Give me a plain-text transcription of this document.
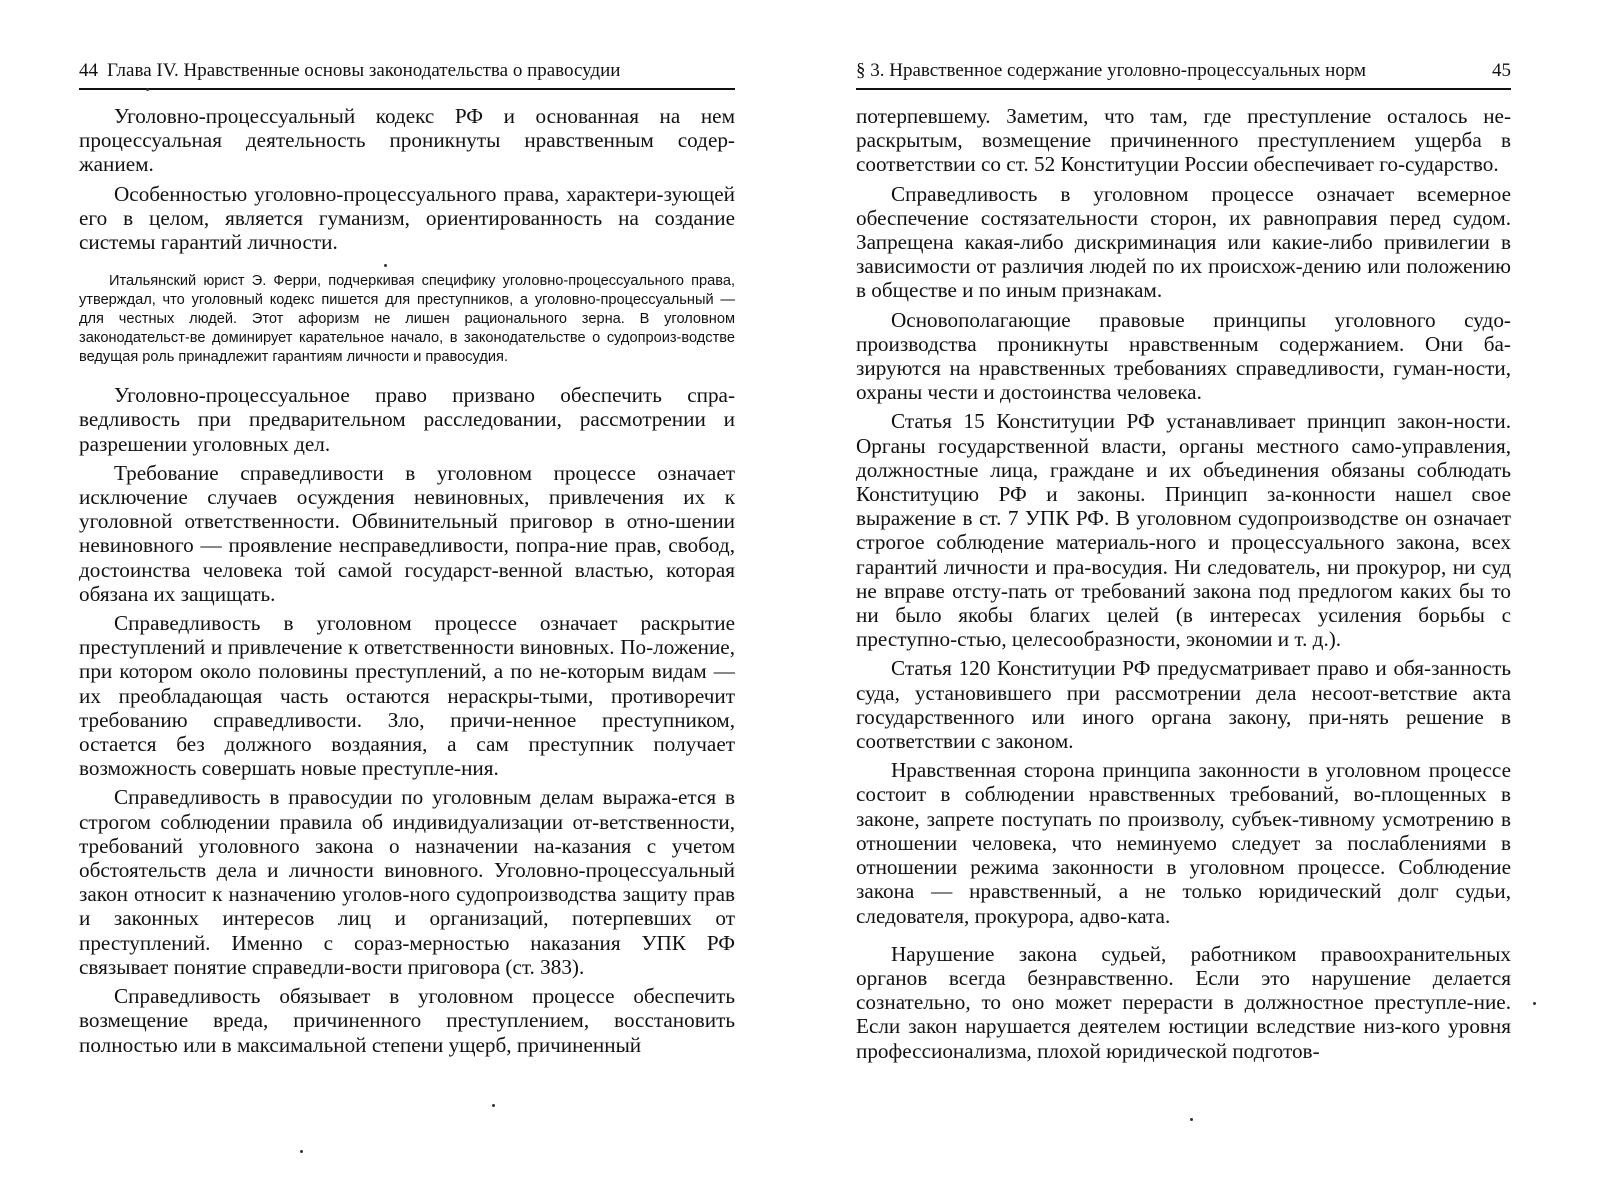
44 Глава IV. Нравственные основы законодательства о правосудии

Уголовно-процессуальный кодекс РФ и основанная на нем процессуальная деятельность проникнуты нравственным содер-жанием.

Особенностью уголовно-процессуального права, характери-зующей его в целом, является гуманизм, ориентированность на создание системы гарантий личности.

Итальянский юрист Э. Ферри, подчеркивая специфику уголовно-процессуального права, утверждал, что уголовный кодекс пишется для преступников, а уголовно-процессуальный — для честных людей. Этот афоризм не лишен рационального зерна. В уголовном законодательст-ве доминирует карательное начало, в законодательстве о судопроиз-водстве ведущая роль принадлежит гарантиям личности и правосудия.

Уголовно-процессуальное право призвано обеспечить спра-ведливость при предварительном расследовании, рассмотрении и разрешении уголовных дел.

Требование справедливости в уголовном процессе означает исключение случаев осуждения невиновных, привлечения их к уголовной ответственности. Обвинительный приговор в отно-шении невиновного — проявление несправедливости, попра-ние прав, свобод, достоинства человека той самой государст-венной властью, которая обязана их защищать.

Справедливость в уголовном процессе означает раскрытие преступлений и привлечение к ответственности виновных. По-ложение, при котором около половины преступлений, а по не-которым видам — их преобладающая часть остаются нераскры-тыми, противоречит требованию справедливости. Зло, причи-ненное преступником, остается без должного воздаяния, а сам преступник получает возможность совершать новые преступле-ния.

Справедливость в правосудии по уголовным делам выража-ется в строгом соблюдении правила об индивидуализации от-ветственности, требований уголовного закона о назначении на-казания с учетом обстоятельств дела и личности виновного. Уголовно-процессуальный закон относит к назначению уголов-ного судопроизводства защиту прав и законных интересов лиц и организаций, потерпевших от преступлений. Именно с сораз-мерностью наказания УПК РФ связывает понятие справедли-вости приговора (ст. 383).

Справедливость обязывает в уголовном процессе обеспечить возмещение вреда, причиненного преступлением, восстановить полностью или в максимальной степени ущерб, причиненный

§ 3. Нравственное содержание уголовно-процессуальных норм	45

потерпевшему. Заметим, что там, где преступление осталось не-раскрытым, возмещение причиненного преступлением ущерба в соответствии со ст. 52 Конституции России обеспечивает го-сударство.

Справедливость в уголовном процессе означает всемерное обеспечение состязательности сторон, их равноправия перед судом. Запрещена какая-либо дискриминация или какие-либо привилегии в зависимости от различия людей по их происхож-дению или положению в обществе и по иным признакам.

Основополагающие правовые принципы уголовного судо-производства проникнуты нравственным содержанием. Они ба-зируются на нравственных требованиях справедливости, гуман-ности, охраны чести и достоинства человека.

Статья 15 Конституции РФ устанавливает принцип закон-ности. Органы государственной власти, органы местного само-управления, должностные лица, граждане и их объединения обязаны соблюдать Конституцию РФ и законы. Принцип за-конности нашел свое выражение в ст. 7 УПК РФ. В уголовном судопроизводстве он означает строгое соблюдение материаль-ного и процессуального закона, всех гарантий личности и пра-восудия. Ни следователь, ни прокурор, ни суд не вправе отсту-пать от требований закона под предлогом каких бы то ни было якобы благих целей (в интересах усиления борьбы с преступно-стью, целесообразности, экономии и т. д.).

Статья 120 Конституции РФ предусматривает право и обя-занность суда, установившего при рассмотрении дела несоот-ветствие акта государственного или иного органа закону, при-нять решение в соответствии с законом.

Нравственная сторона принципа законности в уголовном процессе состоит в соблюдении нравственных требований, во-площенных в законе, запрете поступать по произволу, субъек-тивному усмотрению в отношении человека, что неминуемо следует за послаблениями в отношении режима законности в уголовном процессе. Соблюдение закона — нравственный, а не только юридический долг судьи, следователя, прокурора, адво-ката.

Нарушение закона судьей, работником правоохранительных органов всегда безнравственно. Если это нарушение делается сознательно, то оно может перерасти в должностное преступле-ние. Если закон нарушается деятелем юстиции вследствие низ-кого уровня профессионализма, плохой юридической подготов-
